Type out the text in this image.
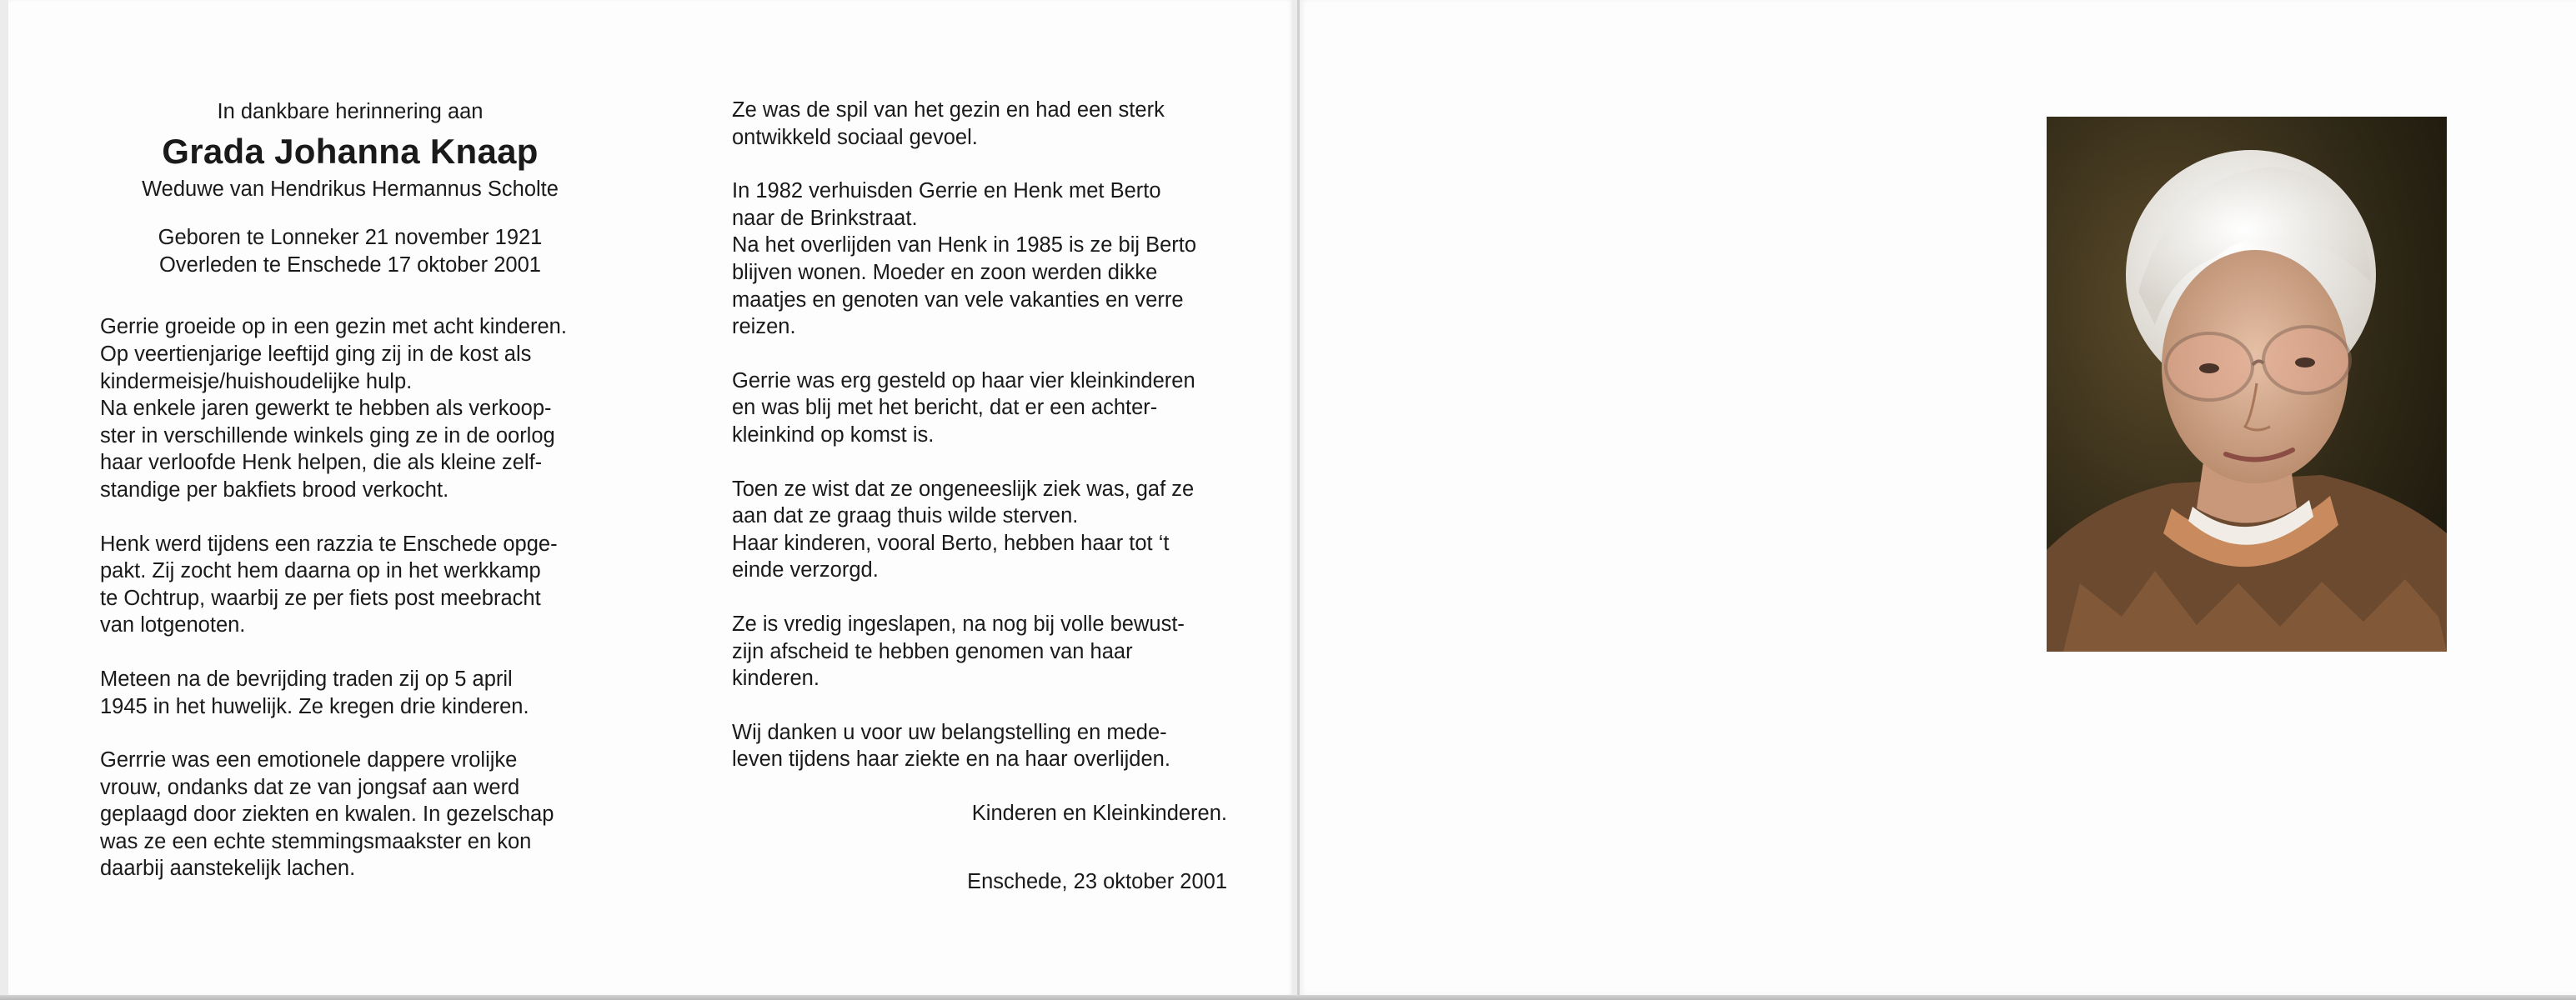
In dankbare herinnering aan

Grada Johanna Knaap

Weduwe van Hendrikus Hermannus Scholte

Geboren te Lonneker 21 november 1921
Overleden te Enschede 17 oktober 2001

Gerrie groeide op in een gezin met acht kinderen.
Op veertienjarige leeftijd ging zij in de kost als
kindermeisje/huishoudelijke hulp.
Na enkele jaren gewerkt te hebben als verkoop-
ster in verschillende winkels ging ze in de oorlog
haar verloofde Henk helpen, die als kleine zelf-
standige per bakfiets brood verkocht.

Henk werd tijdens een razzia te Enschede opge-
pakt. Zij zocht hem daarna op in het werkkamp
te Ochtrup, waarbij ze per fiets post meebracht
van lotgenoten.

Meteen na de bevrijding traden zij op 5 april
1945 in het huwelijk. Ze kregen drie kinderen.

Gerrrie was een emotionele dappere vrolijke
vrouw, ondanks dat ze van jongsaf aan werd
geplaagd door ziekten en kwalen. In gezelschap
was ze een echte stemmingsmaakster en kon
daarbij aanstekelijk lachen.

Ze was de spil van het gezin en had een sterk
ontwikkeld sociaal gevoel.

In 1982 verhuisden Gerrie en Henk met Berto
naar de Brinkstraat.
Na het overlijden van Henk in 1985 is ze bij Berto
blijven wonen. Moeder en zoon werden dikke
maatjes en genoten van vele vakanties en verre
reizen.

Gerrie was erg gesteld op haar vier kleinkinderen
en was blij met het bericht, dat er een achter-
kleinkind op komst is.

Toen ze wist dat ze ongeneeslijk ziek was, gaf ze
aan dat ze graag thuis wilde sterven.
Haar kinderen, vooral Berto, hebben haar tot ‘t
einde verzorgd.

Ze is vredig ingeslapen, na nog bij volle bewust-
zijn afscheid te hebben genomen van haar
kinderen.

Wij danken u voor uw belangstelling en mede-
leven tijdens haar ziekte en na haar overlijden.

Kinderen en Kleinkinderen.

Enschede, 23 oktober 2001
